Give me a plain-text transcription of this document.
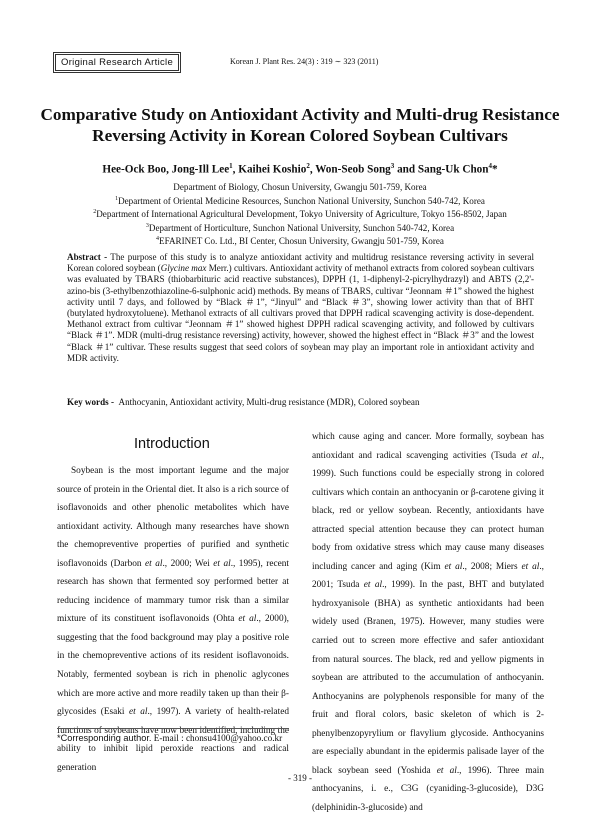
Original Research Article	Korean J. Plant Res. 24(3) : 319 ∼ 323 (2011)
Comparative Study on Antioxidant Activity and Multi-drug Resistance
Reversing Activity in Korean Colored Soybean Cultivars
Hee-Ock Boo, Jong-Ill Lee$^1$, Kaihei Koshio$^2$, Won-Seob Song$^3$ and Sang-Uk Chon$^4$*
Department of Biology, Chosun University, Gwangju 501-759, Korea
$^1$Department of Oriental Medicine Resources, Sunchon National University, Sunchon 540-742, Korea
$^2$Department of International Agricultural Development, Tokyo University of Agriculture, Tokyo 156-8502, Japan
$^3$Department of Horticulture, Sunchon National University, Sunchon 540-742, Korea
$^4$EFARINET Co. Ltd., BI Center, Chosun University, Gwangju 501-759, Korea

Abstract - The purpose of this study is to analyze antioxidant activity and multidrug resistance reversing activity in several Korean colored soybean (Glycine max Merr.) cultivars. Antioxidant activity of methanol extracts from colored soybean cultivars was evaluated by TBARS (thiobarbituric acid reactive substances), DPPH (1, 1-diphenyl-2-picrylhydrazyl) and ABTS (2,2'-azino-bis (3-ethylbenzothiazoline-6-sulphonic acid) methods. By means of TBARS, cultivar “Jeonnam ＃1” showed the highest activity until 7 days, and followed by “Black ＃1”, “Jinyul” and “Black ＃3”, showing lower activity than that of BHT (butylated hydroxytoluene). Methanol extracts of all cultivars proved that DPPH radical scavenging activity is dose-dependent. Methanol extract from cultivar “Jeonnam ＃1” showed highest DPPH radical scavenging activity, and followed by cultivars “Black ＃1”. MDR (multi-drug resistance reversing) activity, however, showed the highest effect in “Black ＃3” and the lowest “Black ＃1” cultivar. These results suggest that seed colors of soybean may play an important role in antioxidant activity and MDR activity.

Key words - Anthocyanin, Antioxidant activity, Multi-drug resistance (MDR), Colored soybean
Introduction

Soybean is the most important legume and the major source of protein in the Oriental diet. It also is a rich source of isoflavonoids and other phenolic metabolites which have antioxidant activity. Although many researches have shown the chemopreventive properties of purified and synthetic isoflavonoids (Darbon et al., 2000; Wei et al., 1995), recent research has shown that fermented soy performed better at reducing incidence of mammary tumor risk than a similar mixture of its constituent isoflavonoids (Ohta et al., 2000), suggesting that the food background may play a positive role in the chemopreventive actions of its resident isoflavonoids. Notably, fermented soybean is rich in phenolic aglycones which are more active and more readily taken up than their β-glycosides (Esaki et al., 1997). A variety of health-related functions of soybeans have now been identified, including the ability to inhibit lipid peroxide reactions and radical generation

which cause aging and cancer. More formally, soybean has antioxidant and radical scavenging activities (Tsuda et al., 1999). Such functions could be especially strong in colored cultivars which contain an anthocyanin or β-carotene giving it black, red or yellow soybean. Recently, antioxidants have attracted special attention because they can protect human body from oxidative stress which may cause many diseases including cancer and aging (Kim et al., 2008; Miers et al., 2001; Tsuda et al., 1999). In the past, BHT and butylated hydroxyanisole (BHA) as synthetic antioxidants had been widely used (Branen, 1975). However, many studies were carried out to screen more effective and safer antioxidant from natural sources. The black, red and yellow pigments in soybean are attributed to the accumulation of anthocyanin. Anthocyanins are polyphenols responsible for many of the fruit and floral colors, basic skeleton of which is 2-phenylbenzopyrylium or flavylium glycoside. Anthocyanins are especially abundant in the epidermis palisade layer of the black soybean seed (Yoshida et al., 1996). Three main anthocyanins, i. e., C3G (cyaniding-3-glucoside), D3G (delphinidin-3-glucoside) and

*Corresponding author. E-mail : chonsu4100@yahoo.co.kr
- 319 -
